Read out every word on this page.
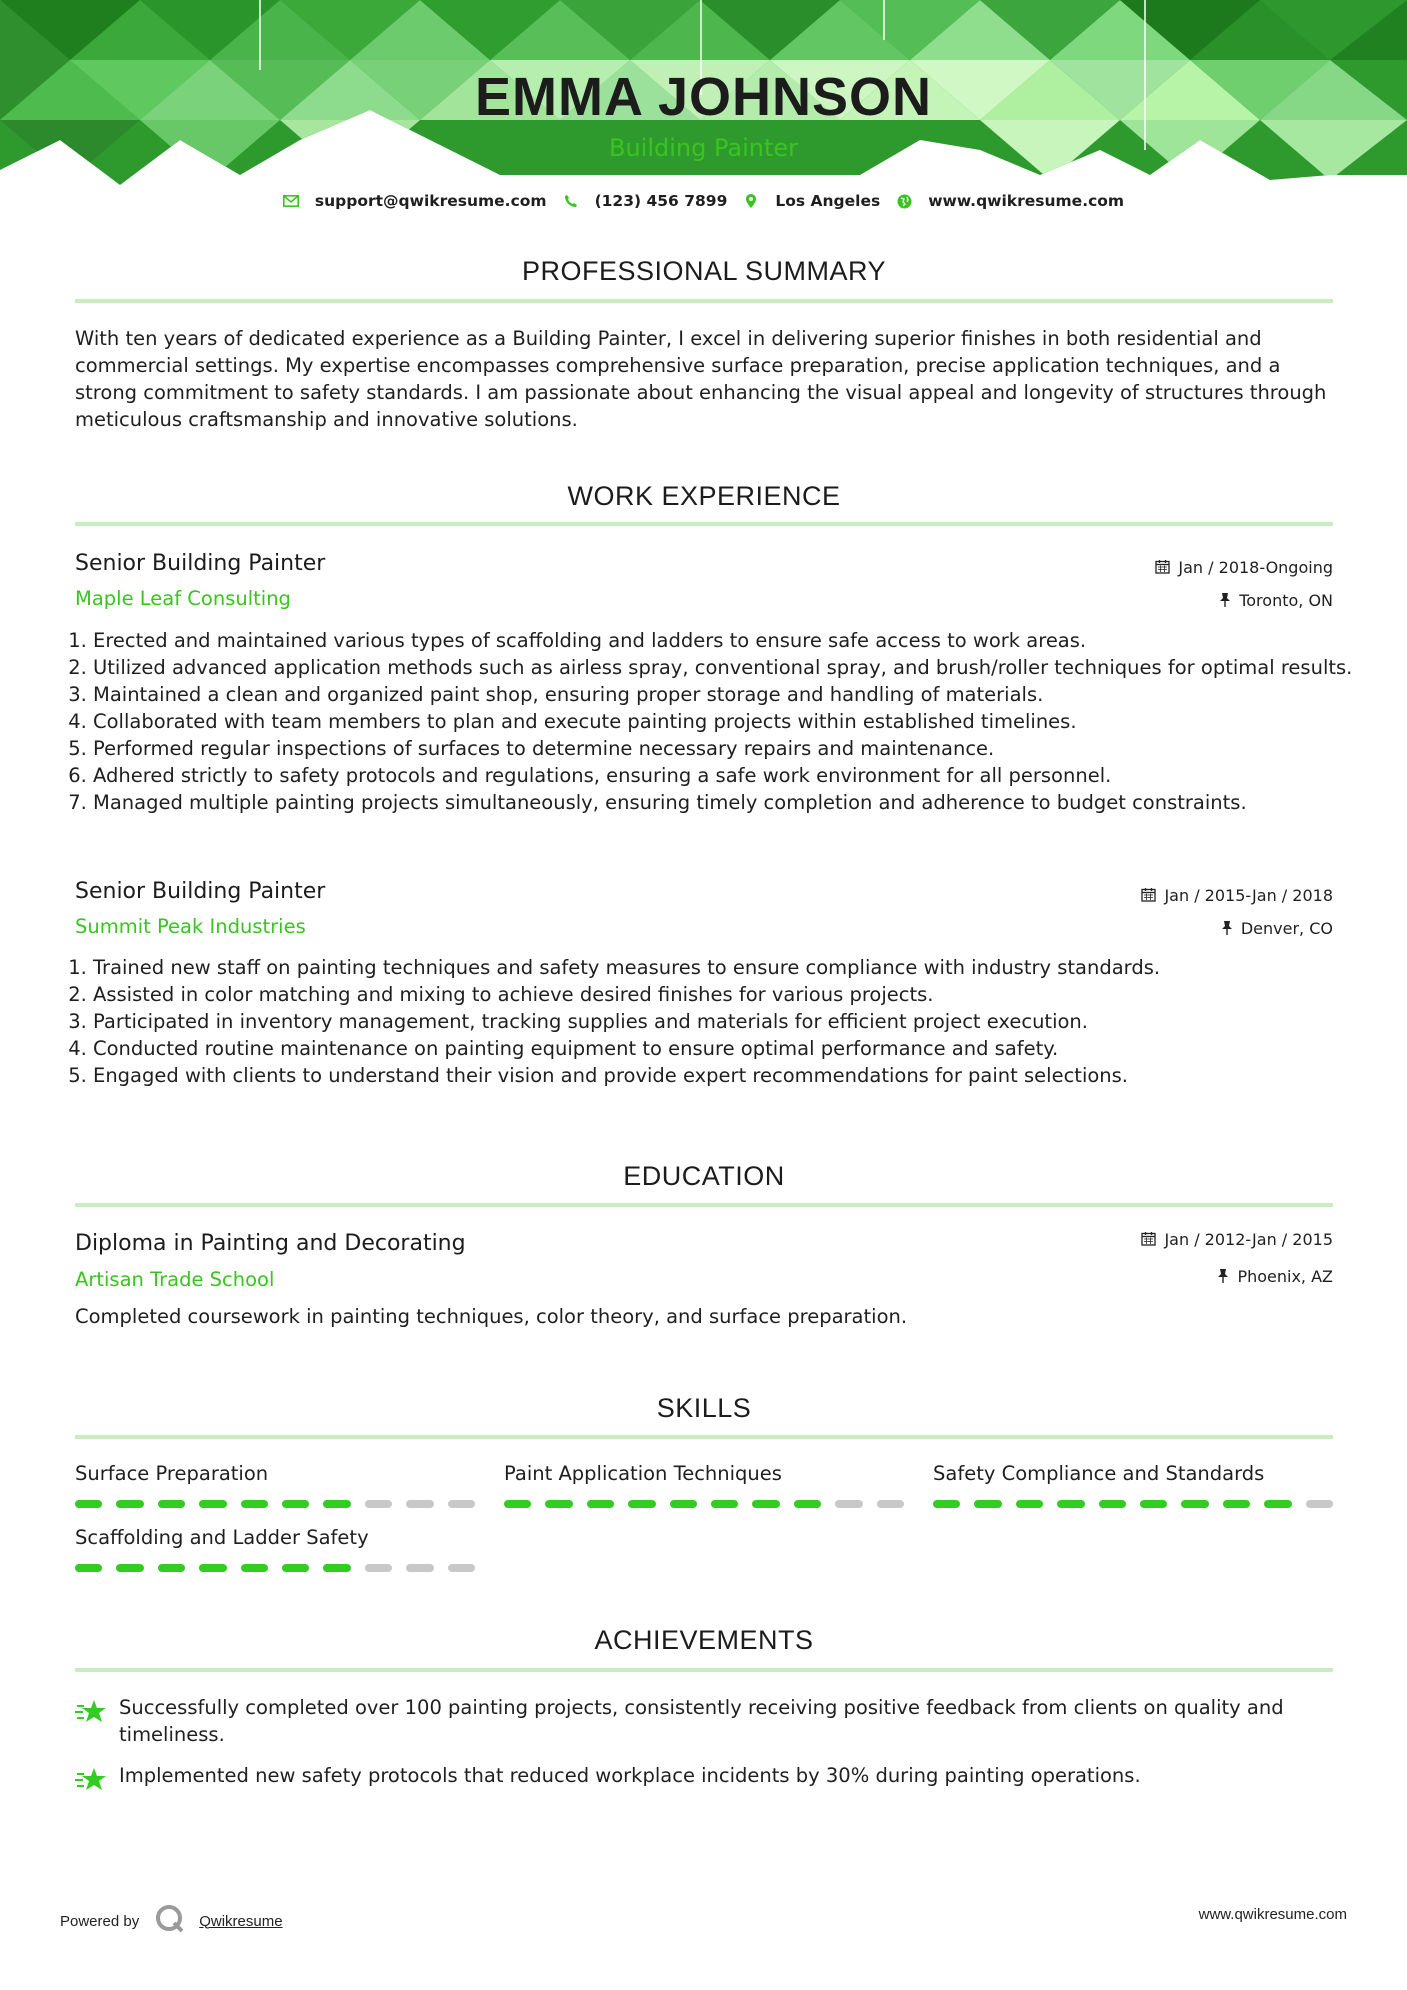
EMMA JOHNSON
Building Painter
support@qwikresume.com	(123) 456 7899	Los Angeles	www.qwikresume.com
PROFESSIONAL SUMMARY
With ten years of dedicated experience as a Building Painter, I excel in delivering superior finishes in both residential and commercial settings. My expertise encompasses comprehensive surface preparation, precise application techniques, and a strong commitment to safety standards. I am passionate about enhancing the visual appeal and longevity of structures through meticulous craftsmanship and innovative solutions.
WORK EXPERIENCE
Senior Building Painter
Maple Leaf Consulting
Jan / 2018-Ongoing
Toronto, ON
1. Erected and maintained various types of scaffolding and ladders to ensure safe access to work areas.
2. Utilized advanced application methods such as airless spray, conventional spray, and brush/roller techniques for optimal results.
3. Maintained a clean and organized paint shop, ensuring proper storage and handling of materials.
4. Collaborated with team members to plan and execute painting projects within established timelines.
5. Performed regular inspections of surfaces to determine necessary repairs and maintenance.
6. Adhered strictly to safety protocols and regulations, ensuring a safe work environment for all personnel.
7. Managed multiple painting projects simultaneously, ensuring timely completion and adherence to budget constraints.
Senior Building Painter
Summit Peak Industries
Jan / 2015-Jan / 2018
Denver, CO
1. Trained new staff on painting techniques and safety measures to ensure compliance with industry standards.
2. Assisted in color matching and mixing to achieve desired finishes for various projects.
3. Participated in inventory management, tracking supplies and materials for efficient project execution.
4. Conducted routine maintenance on painting equipment to ensure optimal performance and safety.
5. Engaged with clients to understand their vision and provide expert recommendations for paint selections.
EDUCATION
Diploma in Painting and Decorating
Artisan Trade School
Jan / 2012-Jan / 2015
Phoenix, AZ
Completed coursework in painting techniques, color theory, and surface preparation.
SKILLS
Surface Preparation	Paint Application Techniques	Safety Compliance and Standards
Scaffolding and Ladder Safety
ACHIEVEMENTS
Successfully completed over 100 painting projects, consistently receiving positive feedback from clients on quality and timeliness.
Implemented new safety protocols that reduced workplace incidents by 30% during painting operations.
Powered by	Qwikresume	www.qwikresume.com
